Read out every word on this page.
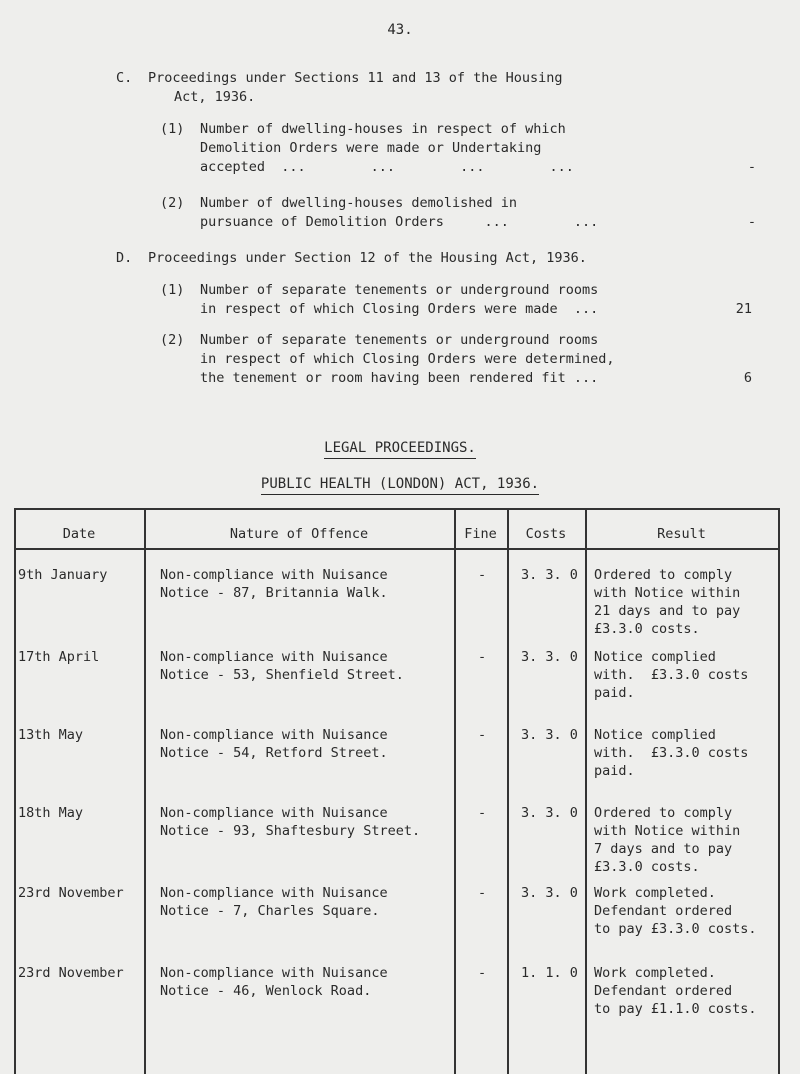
43.
C. Proceedings under Sections 11 and 13 of the Housing
Act, 1936.
(1) Number of dwelling-houses in respect of which
Demolition Orders were made or Undertaking
accepted  ...        ...        ...        ...	-
(2) Number of dwelling-houses demolished in
pursuance of Demolition Orders     ...        ...	-
D. Proceedings under Section 12 of the Housing Act, 1936.
(1) Number of separate tenements or underground rooms
in respect of which Closing Orders were made  ...	21
(2) Number of separate tenements or underground rooms
in respect of which Closing Orders were determined,
the tenement or room having been rendered fit ...	6
LEGAL PROCEEDINGS.
PUBLIC HEALTH (LONDON) ACT, 1936.
Date	Nature of Offence	Fine	Costs	Result
9th January	Non-compliance with Nuisance
Notice - 87, Britannia Walk.
-	3. 3. 0 Ordered to comply
with Notice within
21 days and to pay
£3.3.0 costs.
17th April	Non-compliance with Nuisance
Notice - 53, Shenfield Street.
-	3. 3. 0 Notice complied
with.  £3.3.0 costs
paid.
13th May	Non-compliance with Nuisance
Notice - 54, Retford Street.
-	3. 3. 0 Notice complied
with.  £3.3.0 costs
paid.
18th May	Non-compliance with Nuisance
Notice - 93, Shaftesbury Street.
-	3. 3. 0 Ordered to comply
with Notice within
7 days and to pay
£3.3.0 costs.
23rd November	Non-compliance with Nuisance
Notice - 7, Charles Square.
-	3. 3. 0 Work completed.
Defendant ordered
to pay £3.3.0 costs.
23rd November	Non-compliance with Nuisance
Notice - 46, Wenlock Road.
-	1. 1. 0 Work completed.
Defendant ordered
to pay £1.1.0 costs.
